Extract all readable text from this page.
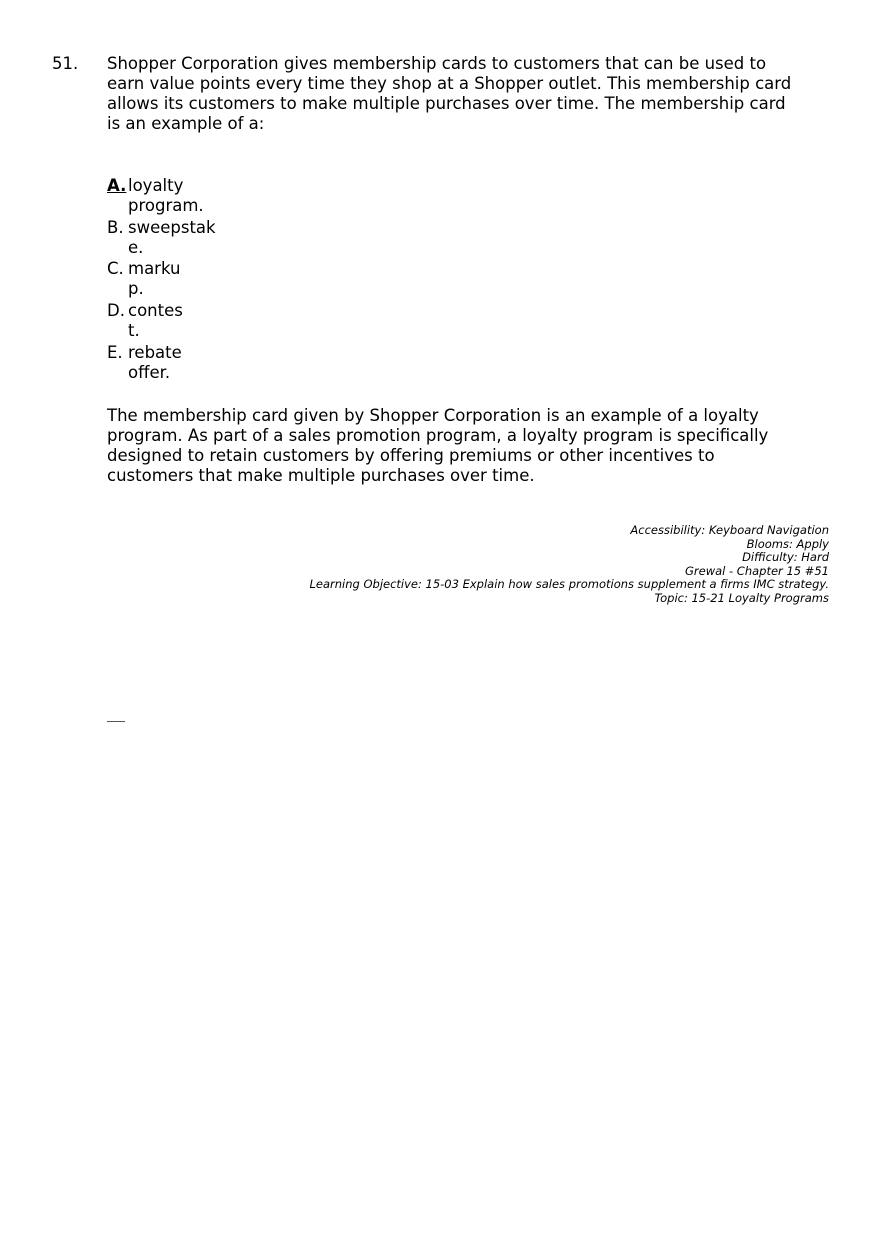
51. Shopper Corporation gives membership cards to customers that can be used to
earn value points every time they shop at a Shopper outlet. This membership card
allows its customers to make multiple purchases over time. The membership card
is an example of a:
A. loyalty
program.
B. sweepstak
e.
C. marku
p.
D. contes
t.
E. rebate
offer.
The membership card given by Shopper Corporation is an example of a loyalty
program. As part of a sales promotion program, a loyalty program is specifically
designed to retain customers by offering premiums or other incentives to
customers that make multiple purchases over time.
Accessibility: Keyboard Navigation
Blooms: Apply
Difficulty: Hard
Grewal - Chapter 15 #51
Learning Objective: 15-03 Explain how sales promotions supplement a firms IMC strategy.
Topic: 15-21 Loyalty Programs
